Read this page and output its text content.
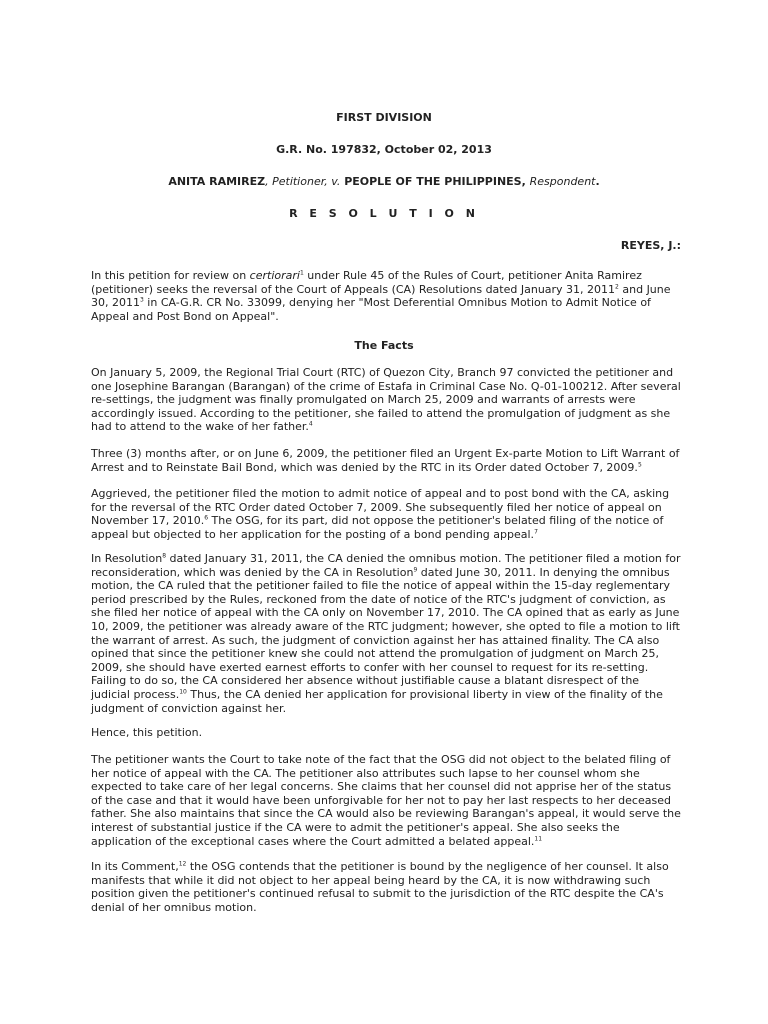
FIRST DIVISION
G.R. No. 197832, October 02, 2013
ANITA RAMIREZ, Petitioner, v. PEOPLE OF THE PHILIPPINES, Respondent.
R E S O L U T I O N
REYES, J.:
In this petition for review on certiorari$^1$ under Rule 45 of the Rules of Court, petitioner Anita Ramirez (petitioner) seeks the reversal of the Court of Appeals (CA) Resolutions dated January 31, 2011$^2$ and June 30, 2011$^3$ in CA-G.R. CR No. 33099, denying her "Most Deferential Omnibus Motion to Admit Notice of Appeal and Post Bond on Appeal".
The Facts
On January 5, 2009, the Regional Trial Court (RTC) of Quezon City, Branch 97 convicted the petitioner and one Josephine Barangan (Barangan) of the crime of Estafa in Criminal Case No. Q-01-100212. After several re-settings, the judgment was finally promulgated on March 25, 2009 and warrants of arrests were accordingly issued. According to the petitioner, she failed to attend the promulgation of judgment as she had to attend to the wake of her father.$^4$
Three (3) months after, or on June 6, 2009, the petitioner filed an Urgent Ex-parte Motion to Lift Warrant of Arrest and to Reinstate Bail Bond, which was denied by the RTC in its Order dated October 7, 2009.$^5$
Aggrieved, the petitioner filed the motion to admit notice of appeal and to post bond with the CA, asking for the reversal of the RTC Order dated October 7, 2009. She subsequently filed her notice of appeal on November 17, 2010.$^6$ The OSG, for its part, did not oppose the petitioner's belated filing of the notice of appeal but objected to her application for the posting of a bond pending appeal.$^7$
In Resolution$^8$ dated January 31, 2011, the CA denied the omnibus motion. The petitioner filed a motion for reconsideration, which was denied by the CA in Resolution$^9$ dated June 30, 2011. In denying the omnibus motion, the CA ruled that the petitioner failed to file the notice of appeal within the 15-day reglementary period prescribed by the Rules, reckoned from the date of notice of the RTC's judgment of conviction, as she filed her notice of appeal with the CA only on November 17, 2010. The CA opined that as early as June 10, 2009, the petitioner was already aware of the RTC judgment; however, she opted to file a motion to lift the warrant of arrest. As such, the judgment of conviction against her has attained finality. The CA also opined that since the petitioner knew she could not attend the promulgation of judgment on March 25, 2009, she should have exerted earnest efforts to confer with her counsel to request for its re-setting. Failing to do so, the CA considered her absence without justifiable cause a blatant disrespect of the judicial process.$^{10}$ Thus, the CA denied her application for provisional liberty in view of the finality of the judgment of conviction against her.
Hence, this petition.
The petitioner wants the Court to take note of the fact that the OSG did not object to the belated filing of her notice of appeal with the CA. The petitioner also attributes such lapse to her counsel whom she expected to take care of her legal concerns. She claims that her counsel did not apprise her of the status of the case and that it would have been unforgivable for her not to pay her last respects to her deceased father. She also maintains that since the CA would also be reviewing Barangan's appeal, it would serve the interest of substantial justice if the CA were to admit the petitioner's appeal. She also seeks the application of the exceptional cases where the Court admitted a belated appeal.$^{11}$
In its Comment,$^{12}$ the OSG contends that the petitioner is bound by the negligence of her counsel. It also manifests that while it did not object to her appeal being heard by the CA, it is now withdrawing such position given the petitioner's continued refusal to submit to the jurisdiction of the RTC despite the CA's denial of her omnibus motion.
